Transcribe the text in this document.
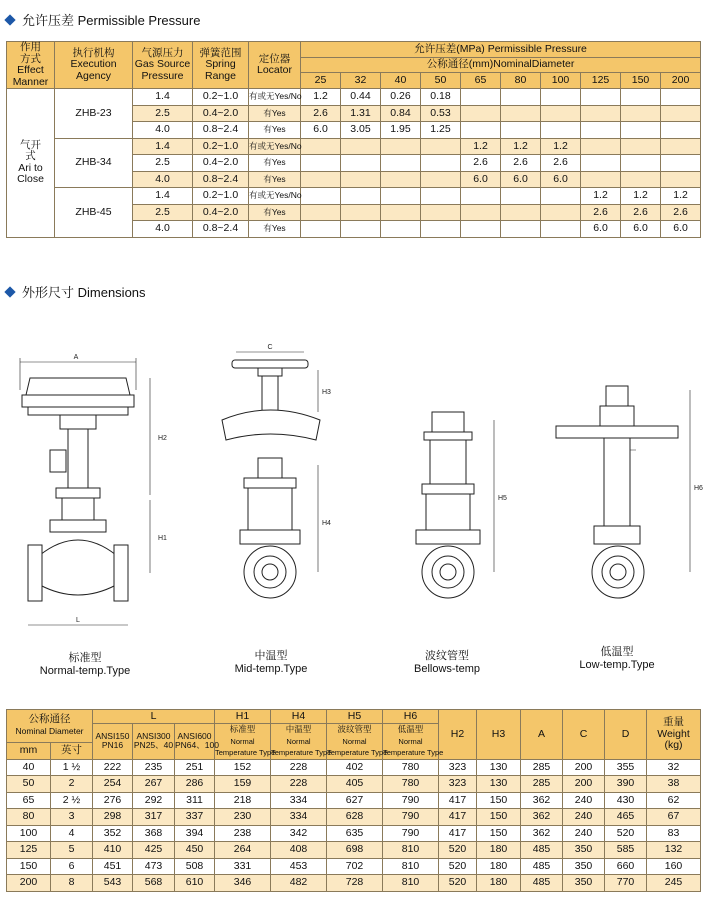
允许压差 Permissible Pressure
作用
方式
Effect
Manner	执行机构
Execution
Agency	气源压力
Gas Source
Pressure	弹簧范围
Spring
Range	定位器
Locator	允许压差(MPa) Permissible Pressure									
					公称通径(mm)NominalDiameter									
					25	32	40	50	65	80	100	125	150	200
气开
式
Ari to
Close	ZHB-23	1.4	0.2~1.0	有或无Yes/No	1.2	0.44	0.26	0.18						
		2.5	0.4~2.0	有Yes	2.6	1.31	0.84	0.53						
		4.0	0.8~2.4	有Yes	6.0	3.05	1.95	1.25						
	ZHB-34	1.4	0.2~1.0	有或无Yes/No					1.2	1.2	1.2			
		2.5	0.4~2.0	有Yes					2.6	2.6	2.6			
		4.0	0.8~2.4	有Yes					6.0	6.0	6.0			
	ZHB-45	1.4	0.2~1.0	有或无Yes/No								1.2	1.2	1.2
		2.5	0.4~2.0	有Yes								2.6	2.6	2.6
		4.0	0.8~2.4	有Yes								6.0	6.0	6.0
外形尺寸 Dimensions
A
L
H2
H1
C
H3
H4
H5
H6
标准型
Normal-temp.Type
中温型
Mid-temp.Type
波纹管型
Bellows-temp
低温型
Low-temp.Type
公称通径
Nominal Diameter		L			H1	H4	H5	H6	H2	H3	A	C	D	重量
Weight
(kg)
		ANSI150
PN16	ANSI300
PN25、40	ANSI600
PN64、100	标准型
Normal
Temperature Type	中温型
Normal
Temperature Type	波纹管型
Normal
Temperature Type	低温型
Normal
Temperature Type						
mm	英寸													
40	1 ½	222	235	251	152	228	402	780	323	130	285	200	355	32
50	2	254	267	286	159	228	405	780	323	130	285	200	390	38
65	2 ½	276	292	311	218	334	627	790	417	150	362	240	430	62
80	3	298	317	337	230	334	628	790	417	150	362	240	465	67
100	4	352	368	394	238	342	635	790	417	150	362	240	520	83
125	5	410	425	450	264	408	698	810	520	180	485	350	585	132
150	6	451	473	508	331	453	702	810	520	180	485	350	660	160
200	8	543	568	610	346	482	728	810	520	180	485	350	770	245
